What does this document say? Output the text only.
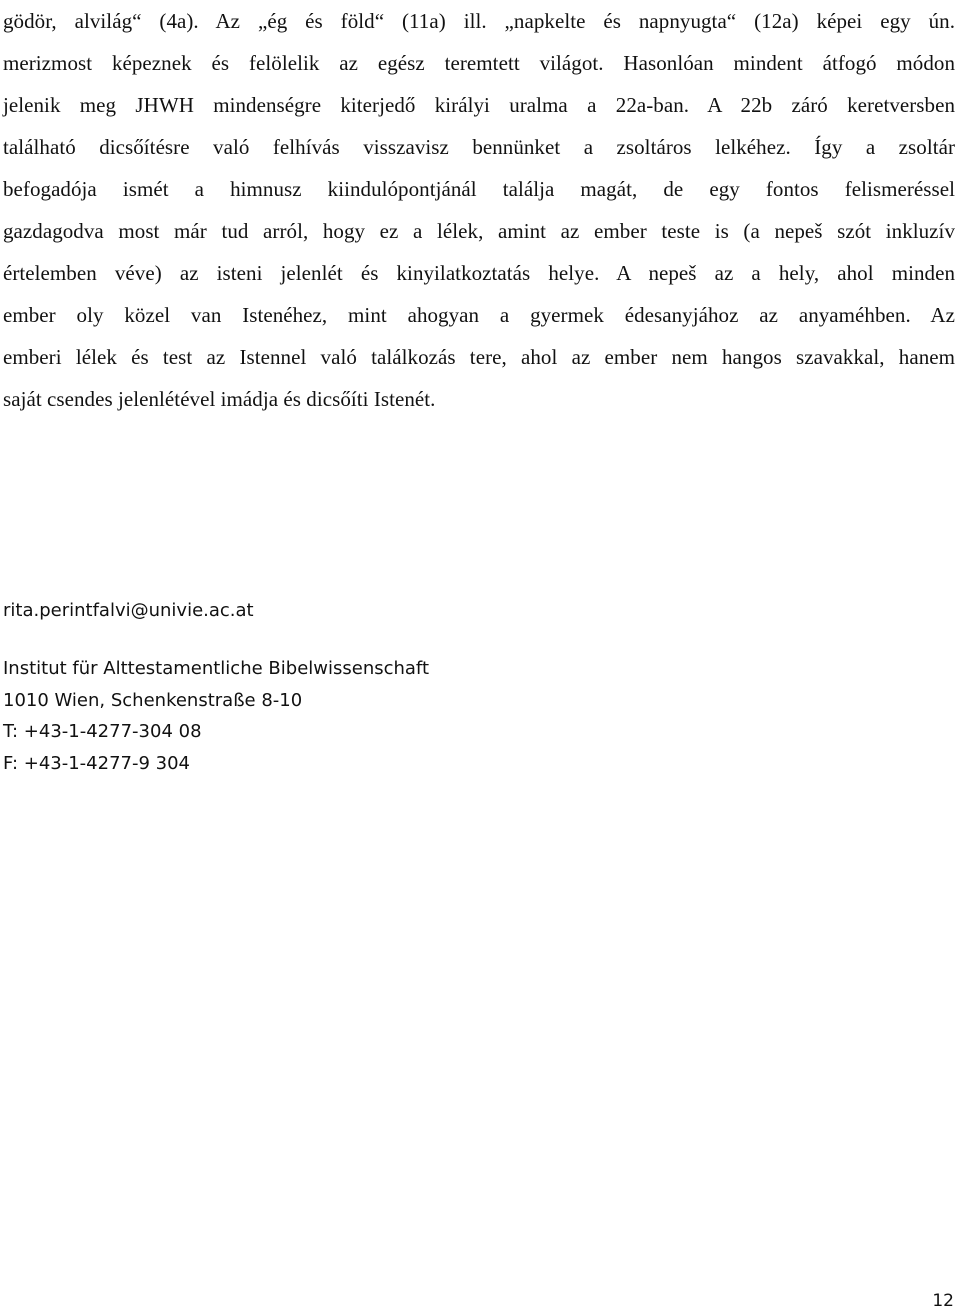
gödör, alvilág“ (4a). Az „ég és föld“ (11a) ill. „napkelte és napnyugta“ (12a) képei egy ún.
merizmost képeznek és felölelik az egész teremtett világot. Hasonlóan mindent átfogó módon
jelenik meg JHWH mindenségre kiterjedő királyi uralma a 22a-ban. A 22b záró keretversben
található dicsőítésre való felhívás visszavisz bennünket a zsoltáros lelkéhez. Így a zsoltár
befogadója ismét a himnusz kiindulópontjánál találja magát, de egy fontos felismeréssel
gazdagodva most már tud arról, hogy ez a lélek, amint az ember teste is (a nepeš szót inkluzív
értelemben véve) az isteni jelenlét és kinyilatkoztatás helye. A nepeš az a hely, ahol minden
ember oly közel van Istenéhez, mint ahogyan a gyermek édesanyjához az anyaméhben. Az
emberi lélek és test az Istennel való találkozás tere, ahol az ember nem hangos szavakkal, hanem
saját csendes jelenlétével imádja és dicsőíti Istenét.
rita.perintfalvi@univie.ac.at
Institut für Alttestamentliche Bibelwissenschaft
1010 Wien, Schenkenstraße 8-10
T: +43-1-4277-304 08
F: +43-1-4277-9 304
12
